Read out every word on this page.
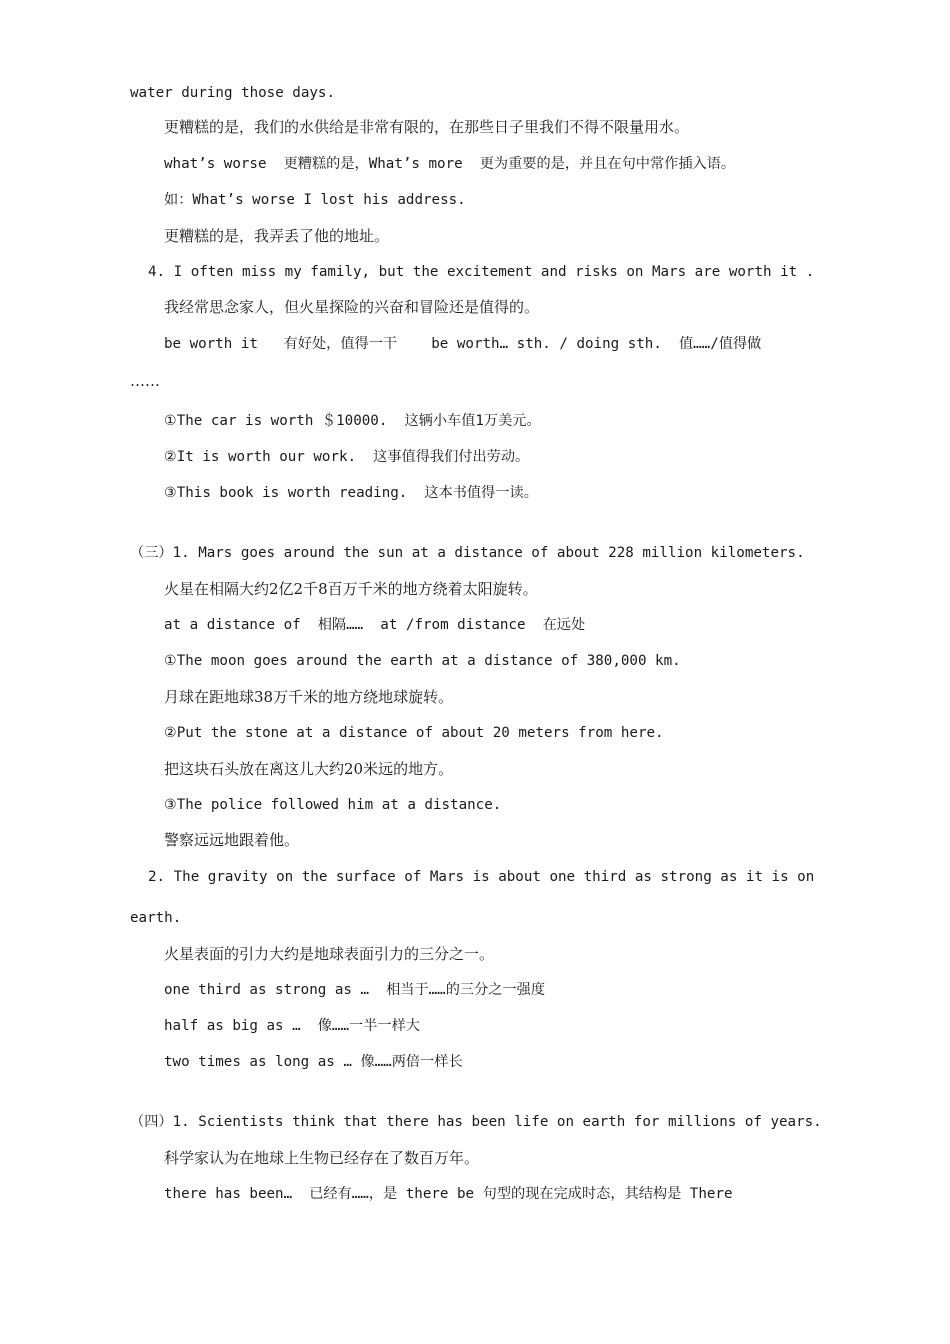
water during those days.

更糟糕的是，我们的水供给是非常有限的，在那些日子里我们不得不限量用水。

what’s worse  更糟糕的是，What’s more  更为重要的是，并且在句中常作插入语。

如：What’s worse I lost his address.

更糟糕的是，我弄丢了他的地址。

4. I often miss my family, but the excitement and risks on Mars are worth it .

我经常思念家人，但火星探险的兴奋和冒险还是值得的。

be worth it   有好处，值得一干    be worth… sth. / doing sth.  值……/值得做

……

①The car is worth ＄10000.  这辆小车值1万美元。

②It is worth our work.  这事值得我们付出劳动。

③This book is worth reading.  这本书值得一读。

（三）1. Mars goes around the sun at a distance of about 228 million kilometers.

火星在相隔大约2亿2千8百万千米的地方绕着太阳旋转。

at a distance of  相隔……  at /from distance  在远处

①The moon goes around the earth at a distance of 380,000 km.

月球在距地球38万千米的地方绕地球旋转。

②Put the stone at a distance of about 20 meters from here.

把这块石头放在离这儿大约20米远的地方。

③The police followed him at a distance.

警察远远地跟着他。

2. The gravity on the surface of Mars is about one third as strong as it is on

earth.

火星表面的引力大约是地球表面引力的三分之一。

one third as strong as …  相当于……的三分之一强度

half as big as …  像……一半一样大

two times as long as … 像……两倍一样长

（四）1. Scientists think that there has been life on earth for millions of years.

科学家认为在地球上生物已经存在了数百万年。

there has been…  已经有……，是 there be 句型的现在完成时态，其结构是 There
